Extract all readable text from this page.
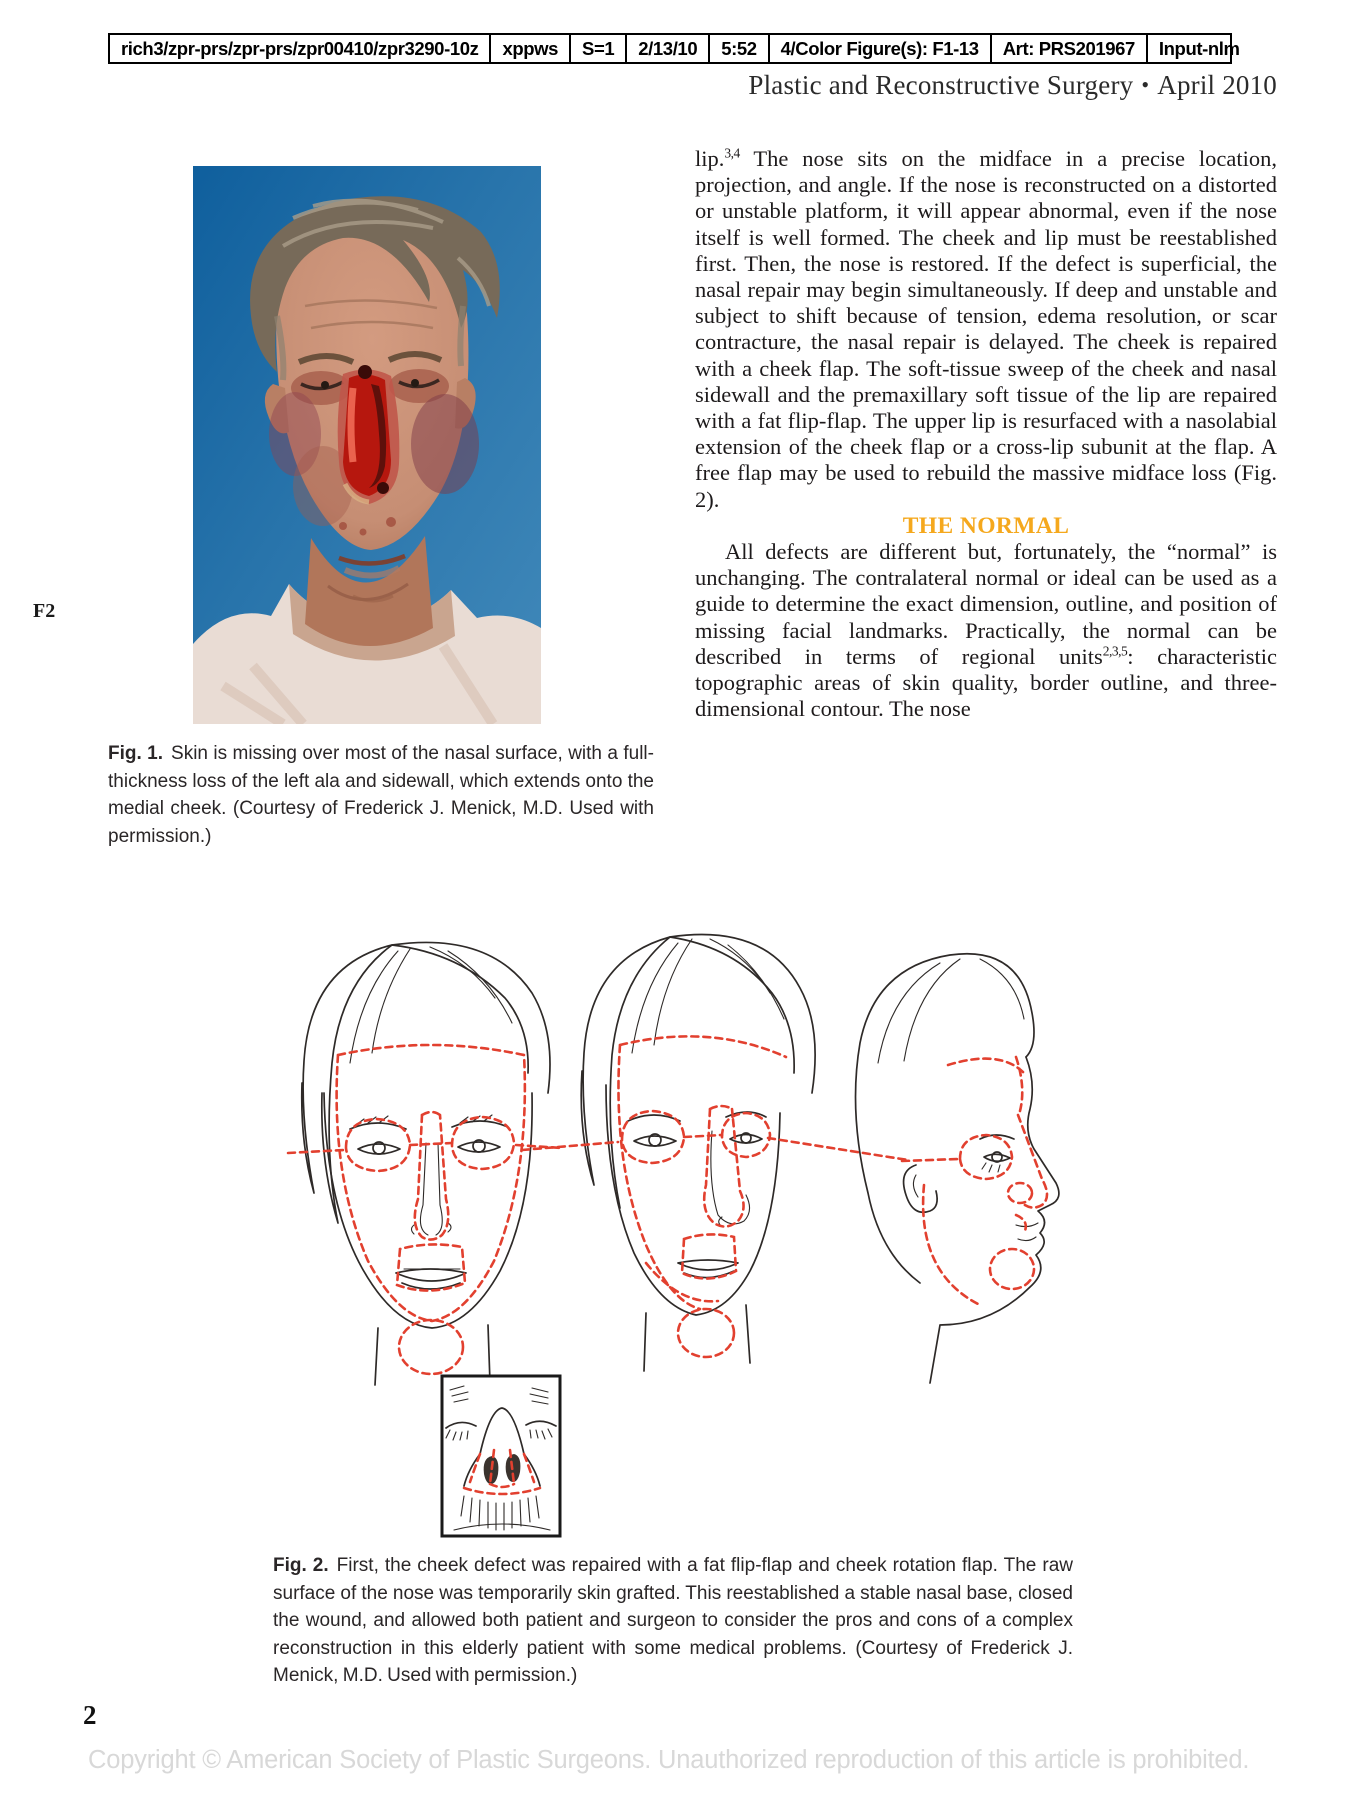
rich3/zpr-prs/zpr-prs/zpr00410/zpr3290-10z	xppws	S=1	2/13/10	5:52	4/Color Figure(s): F1-13	Art: PRS201967	Input-nlm
Plastic and Reconstructive Surgery • April 2010
F2
Fig. 1. Skin is missing over most of the nasal surface, with a full-thickness loss of the left ala and sidewall, which extends onto the medial cheek. (Courtesy of Frederick J. Menick, M.D. Used with permission.)

lip.$^{3,4}$ The nose sits on the midface in a precise location, projection, and angle. If the nose is reconstructed on a distorted or unstable platform, it will appear abnormal, even if the nose itself is well formed. The cheek and lip must be reestablished first. Then, the nose is restored. If the defect is superficial, the nasal repair may begin simultaneously. If deep and unstable and subject to shift because of tension, edema resolution, or scar contracture, the nasal repair is delayed. The cheek is repaired with a cheek flap. The soft-tissue sweep of the cheek and nasal sidewall and the premaxillary soft tissue of the lip are repaired with a fat flip-flap. The upper lip is resurfaced with a nasolabial extension of the cheek flap or a cross-lip subunit at the flap. A free flap may be used to rebuild the massive midface loss (Fig. 2).

THE NORMAL

All defects are different but, fortunately, the “normal” is unchanging. The contralateral normal or ideal can be used as a guide to determine the exact dimension, outline, and position of missing facial landmarks. Practically, the normal can be described in terms of regional units$^{2,3,5}$: characteristic topographic areas of skin quality, border outline, and three-dimensional contour. The nose

Fig. 2. First, the cheek defect was repaired with a fat flip-flap and cheek rotation flap. The raw surface of the nose was temporarily skin grafted. This reestablished a stable nasal base, closed the wound, and allowed both patient and surgeon to consider the pros and cons of a complex reconstruction in this elderly patient with some medical problems. (Courtesy of Frederick J. Menick, M.D. Used with permission.)
2
Copyright © American Society of Plastic Surgeons. Unauthorized reproduction of this article is prohibited.
